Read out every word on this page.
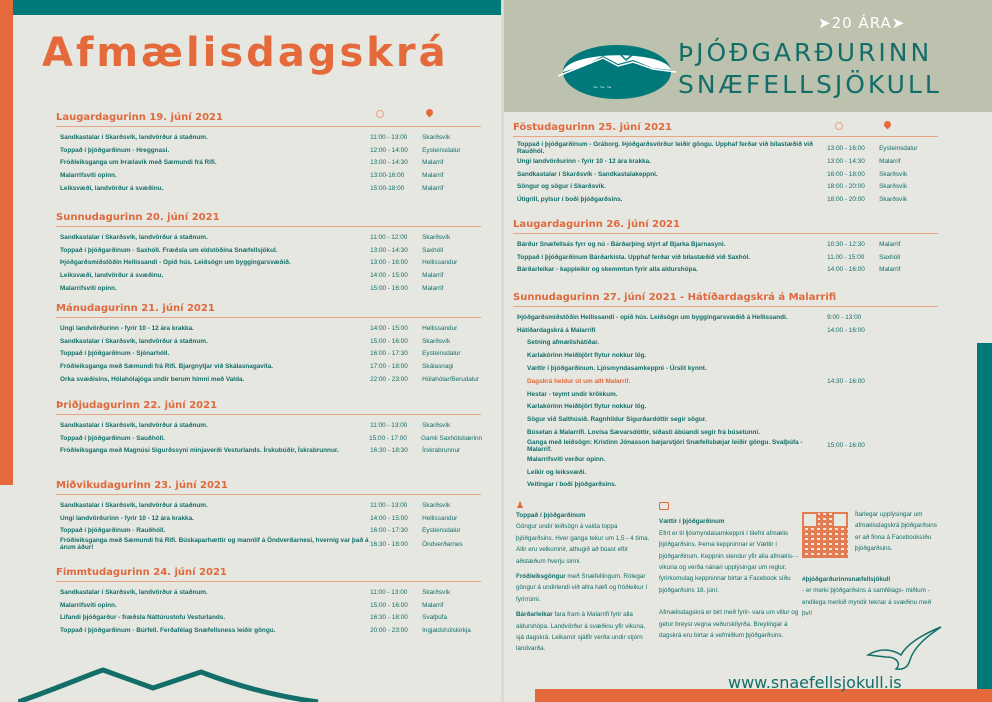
Afmælisdagskrá
~ ~ ~
➤20 ÁRA➤
ÞJÓÐGARÐURINN
SNÆFELLSJÖKULL
Laugardagurinn 19. júní 2021
Sandkastalar í Skarðsvík, landvörður á staðnum.	11:00 - 13:00	Skarðsvík
Toppað í þjóðgarðinum - Hreggnasi.	12:00 - 14:00	Eysteinsdalur
Fróðleiksganga um Þrælavík með Sæmundi frá Rifi.	13:00 - 14:30	Malarrif
Malarrifsviti opinn.	13:00-16:00	Malarrif
Leiksvæði, landvörður á svæðinu.	15:00-18:00	Malarrif
Sunnudagurinn 20. júní 2021
Sandkastalar í Skarðsvík, landvörður á staðnum.	11:00 - 12:00	Skarðsvík
Toppað í þjóðgarðinum - Saxhóll. Fræðsla um eldstöðina Snæfellsjökul.	13:00 - 14:30	Saxhóll
Þjóðgarðsmiðstöðin Hellissandi - Opið hús. Leiðsögn um byggingarsvæðið.	13:00 - 16:00	Hellissandur
Leiksvæði, landvörður á svæðinu.	14:00 - 15:00	Malarrif
Malarrifsviti opinn.	15:00 - 16:00	Malarrif
Mánudagurinn 21. júní 2021
Ungi landvörðurinn - fyrir 10 - 12 ára krakka.	14:00 - 15:00	Hellissandur
Sandkastalar í Skarðsvík, landvörður á staðnum.	15:00 - 16:00	Skarðsvík
Toppað í þjóðgarðinum - Sjónarhóll.	16:00 - 17:30	Eysteinsdalur
Fróðleiksganga með Sæmundi frá Rifi. Bjargnytjar við Skálasnagavita.	17:00 - 18:00	Skálasnagi
Orka svæðisins, Hólahólajóga undir berum himni með Valda.	22:00 - 23:00	Hólahólar/Berudalur
Þriðjudagurinn 22. júní 2021
Sandkastalar í Skarðsvík, landvörður á staðnum.	11:00 - 13:00	Skarðsvík
Toppað í þjóðgarðinum - Sauðhóll.	15:00 - 17:00	Gamli Saxhólsbærinn
Fróðleiksganga með Magnúsi Sigurðssyni minjaverði Vesturlands. Írskubúðir, Ískrabrunnur.	16:30 - 18:30	Írskrabrunnur
Miðvikudagurinn 23. júní 2021
Sandkastalar í Skarðsvík, landvörður á staðnum.	11:00 - 13:00	Skarðsvík
Ungi landvörðurinn - fyrir 10 - 12 ára krakka.	14:00 - 15:00	Hellissandur
Toppað í þjóðgarðinum - Rauðhóll.	16:00 - 17:30	Eysteinsdalur
Fróðleiksganga með Sæmundi frá Rifi. Búskaparhættir og mannlíf á Öndverðarnesi, hvernig var það á árum áður!	16:30 - 18:00	Öndverðarnes
Fimmtudagurinn 24. júní 2021
Sandkastalar í Skarðsvík, landvörður á staðnum.	11:00 - 13:00	Skarðsvík
Malarrifsviti opinn.	15:00 - 16:00	Malarrif
Lifandi þjóðgarður - fræðsla Náttúrustofu Vesturlands.	16:30 - 18:00	Svalþúfa
Toppað í þjóðgarðinum - Búrfell. Ferðafélag Snæfellsness leiðir göngu.	20:00 - 23:00	Ingjaldshólskirkja
Föstudagurinn 25. júní 2021
Toppað í þjóðgarðinum - Gráborg. Þjóðgarðsvörður leiðir göngu. Upphaf ferðar við bílastæðið við Rauðhól.	13:00 - 16:00	Eysteinsdalur
Ungi landvörðurinn - fyrir 10 - 12 ára krakka.	13:00 - 14:30	Malarrif
Sandkastalar í Skarðsvík - Sandkastalakeppni.	16:00 - 18:00	Skarðsvík
Söngur og sögur í Skarðsvík.	18:00 - 20:00	Skarðsvík
Útigrill, pylsur í boði þjóðgarðsins.	18:00 - 20:00	Skarðsvík
Laugardagurinn 26. júní 2021
Bárður Snæfellsás fyrr og nú - Bárðarþing stýrt af Bjarka Bjarnasyni.	10:30 - 12:30	Malarrif
Toppað í þjóðgarðinum Bárðarkista. Upphaf ferðar við bílastæðið við Saxhól.	11.00 - 15:00	Saxhóll
Bárðarleikar - kappleikir og skemmtun fyrir alla aldurshópa.	14:00 - 16:00	Malarrif
Sunnudagurinn 27. júní 2021 - Hátíðardagskrá á Malarrifi
Þjóðgarðsmiðstöðin Hellissandi - opið hús. Leiðsögn um byggingarsvæðið á Hellissandi.	9:00 - 13:00
Hátíðardagskrá á Malarrifi	14:00 - 16:00
Setning afmælishátíðar.
Karlakórinn Heiðbjört flytur nokkur lög.
Vættir í þjóðgarðinum. Ljósmyndasamkeppni - Úrslit kynnt.
Dagskrá heldur út um allt Malarrif.	14:30 - 16:00
Hestar - teymt undir krökkum.
Karlakórinn Heiðbjört flytur nokkur lög.
Sögur við Salthúsið. Ragnhildur Sigurðardóttir segir sögur.
Búsetan á Malarrifi. Lovísa Sævarsdóttir, síðasti ábúandi segir frá búsetunni.
Ganga með leiðsögn: Kristinn Jónasson bæjarstjóri Snæfellsbæjar leiðir göngu. Svalþúfa - Malarrif.	15:00 - 16:00
Malarrifsviti verður opinn.
Leikir og leiksvæði.
Veitingar í boði þjóðgarðsins.
♟
Toppað í þjóðgarðinum
Göngur undir leiðsögn á valda toppa þjóðgarðsins. Hver ganga tekur um 1,5 - 4 tíma. Allir eru velkomnir, athugið að búast eftir aðstæðum hverju sinni.
Fróðleiksgöngur með Snæfellingum. Rólegar göngur á undirlendi við allra hæfi og fróðleikur í fyrirrúmi.
Bárðarleikar fara fram á Malarrifi fyrir alla aldurshópa. Landvörður á svæðinu yfir vikuna, sjá dagskrá. Leikarnir sjálfir verða undir stjórn landvarða.
Vættir í þjóðgarðinum
Efnt er til ljósmyndasamkeppni í tilefni afmælis þjóðgarðsins. Þema keppninnar er Vættir í þjóðgarðinum. Keppnin stendur yfir alla afmælis- -vikuna og verða nánari upplýsingar um reglur, fyrirkomulag keppninnar birtar á Facebook síðu þjóðgarðsins 18. júní.
Afmælisdagskrá er birt með fyrir- vara um villur og getur breyst vegna veðurskilyrða. Breytingar á dagskrá eru birtar á vefmiðlum þjóðgarðsins.
Ítarlegar upplýsingar um afmælisdagskrá þjóðgarðsins er að finna á Facebooksíðu þjóðgarðsins.
#þjóðgarðurinnsnæfellsjökull
- er merki þjóðgarðsins á samfélags- miðlum - endilega merkið myndir teknar á svæðinu með því!
www.snaefellsjokull.is
